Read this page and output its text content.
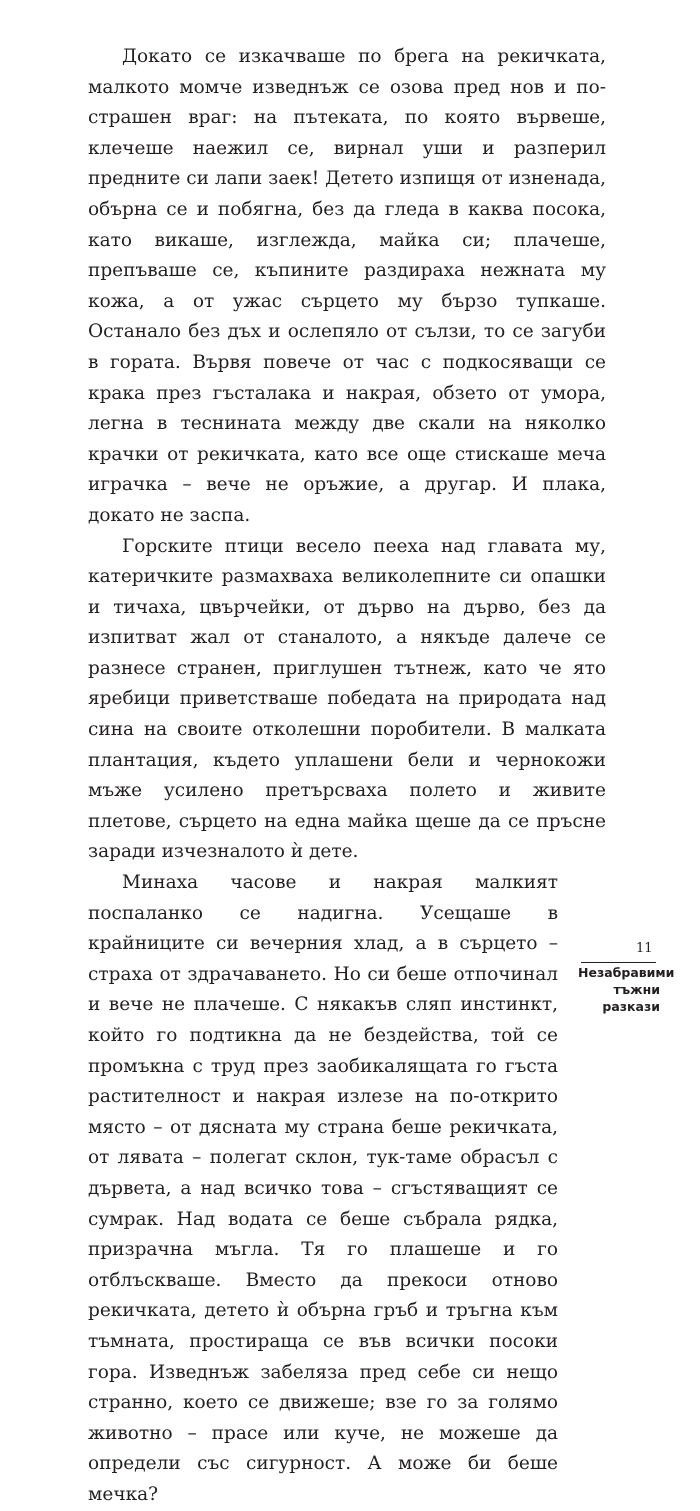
Докато се изкачваше по брега на рекичката, малкото момче изведнъж се озова пред нов и по-страшен враг: на пътеката, по която вървеше, клечеше наежил се, вирнал уши и разперил предните си лапи заек! Детето изпищя от изненада, обърна се и побягна, без да гледа в каква посока, като викаше, изглежда, майка си; плачеше, препъваше се, къпините раздираха нежната му кожа, а от ужас сърцето му бързо тупкаше. Останало без дъх и ослепяло от сълзи, то се загуби в гората. Вървя повече от час с подкосяващи се крака през гъсталака и накрая, обзето от умора, легна в теснината между две скали на няколко крачки от рекичката, като все още стискаше меча играчка – вече не оръжие, а другар. И плака, докато не заспа.

Горските птици весело пееха над главата му, катеричките размахваха великолепните си опашки и тичаха, цвърчейки, от дърво на дърво, без да изпитват жал от станалото, а някъде далече се разнесе странен, приглушен тътнеж, като че ято яребици приветстваше победата на природата над сина на своите отколешни поробители. В малката плантация, където уплашени бели и чернокожи мъже усилено претърсваха полето и живите плетове, сърцето на една майка щеше да се пръсне заради изчезналото ѝ дете.

Минаха часове и накрая малкият поспаланко се надигна. Усещаше в крайниците си вечерния хлад, а в сърцето – страха от здрачаването. Но си беше отпочинал и вече не плачеше. С някакъв сляп инстинкт, който го подтикна да не бездейства, той се промъкна с труд през заобикалящата го гъста растителност и накрая излезе на по-открито място – от дясната му страна беше рекичката, от лявата – полегат склон, тук-таме обрасъл с дървета, а над всичко това – сгъстяващият се сумрак. Над водата се беше събрала рядка, призрачна мъгла. Тя го плашеше и го отблъскваше. Вместо да прекоси отново рекичката, детето ѝ обърна гръб и тръгна към тъмната, простираща се във всички посоки гора. Изведнъж забеляза пред себе си нещо странно, което се движеше; взе го за голямо животно – прасе или куче, не можеше да определи със сигурност. А може би беше мечка?

11
Незабравими
тъжни разкази
